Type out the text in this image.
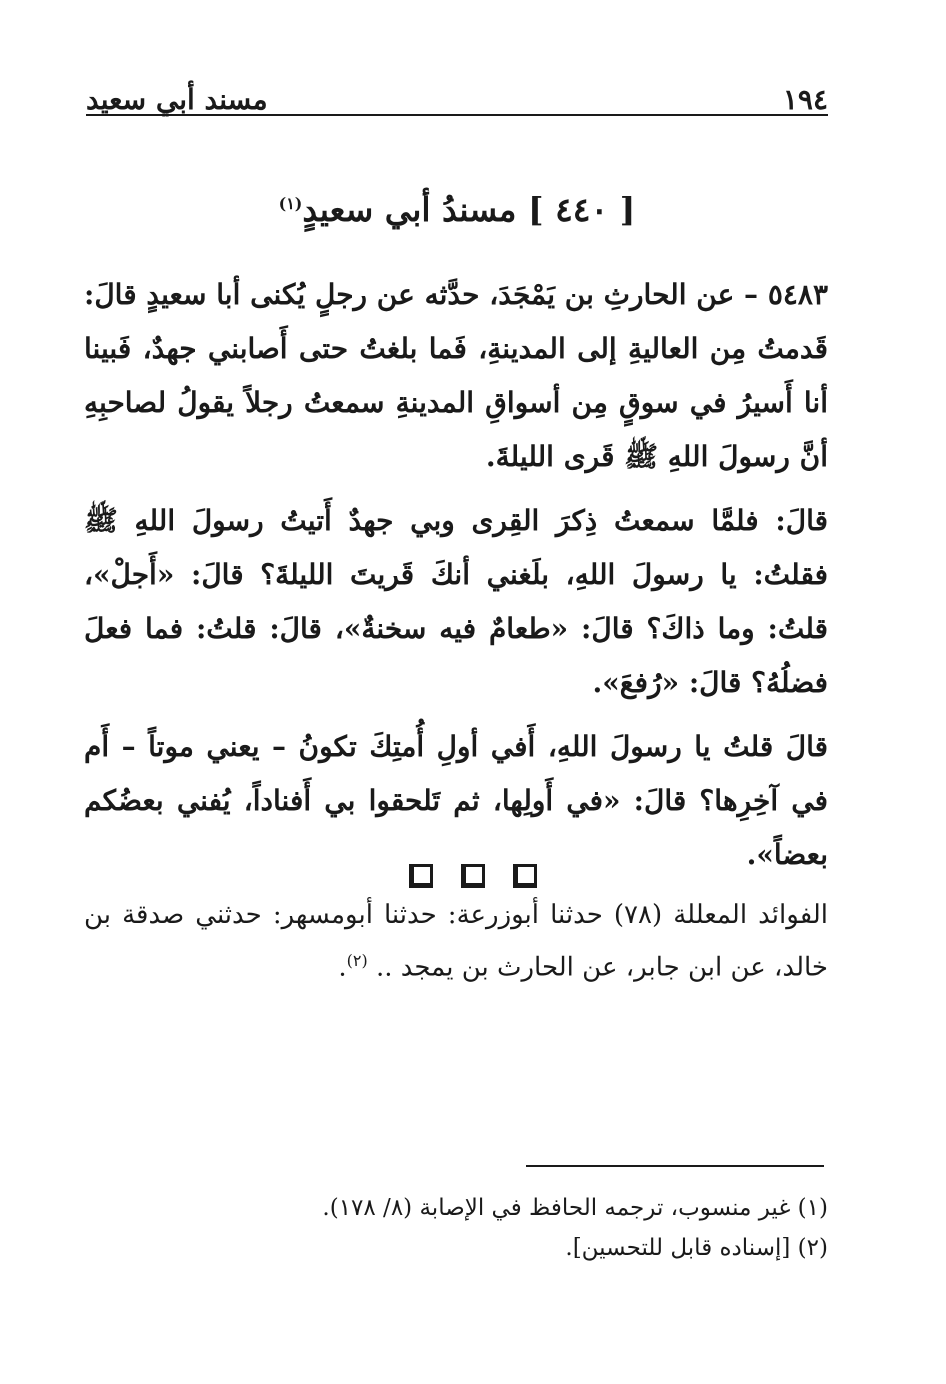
١٩٤
مسند أبي سعيد
[ ٤٤٠ ] مسندُ أبي سعيدٍ$^{(١)}$

٥٤٨٣ – عن الحارثِ بن يَمْجَدَ، حدَّثه عن رجلٍ يُكنى أبا سعيدٍ قالَ: قَدمتُ مِن العاليةِ إلى المدينةِ، فَما بلغتُ حتى أَصابني جهدٌ، فَبينا أنا أَسيرُ في سوقٍ مِن أسواقِ المدينةِ سمعتُ رجلاً يقولُ لصاحبِهِ أنَّ رسولَ اللهِ ﷺ قَرى الليلةَ.

قالَ: فلمَّا سمعتُ ذِكرَ القِرى وبي جهدٌ أَتيتُ رسولَ اللهِ ﷺ فقلتُ: يا رسولَ اللهِ، بلَغني أنكَ قَريتَ الليلةَ؟ قالَ: «أَجلْ»، قلتُ: وما ذاكَ؟ قالَ: «طعامٌ فيه سخنةٌ»، قالَ: قلتُ: فما فعلَ فضلُهُ؟ قالَ: «رُفعَ».

قالَ قلتُ يا رسولَ اللهِ، أَفي أولِ أُمتِكَ تكونُ – يعني موتاً – أَم في آخِرِها؟ قالَ: «في أَولِها، ثم تَلحقوا بي أَفناداً، يُفني بعضُكم بعضاً».

الفوائد المعللة (٧٨) حدثنا أبوزرعة: حدثنا أبومسهر: حدثني صدقة بن خالد، عن ابن جابر، عن الحارث بن يمجد .. $^{(٢)}$.

(١) غير منسوب، ترجمه الحافظ في الإصابة (٨/ ١٧٨).
(٢) [إسناده قابل للتحسين].
